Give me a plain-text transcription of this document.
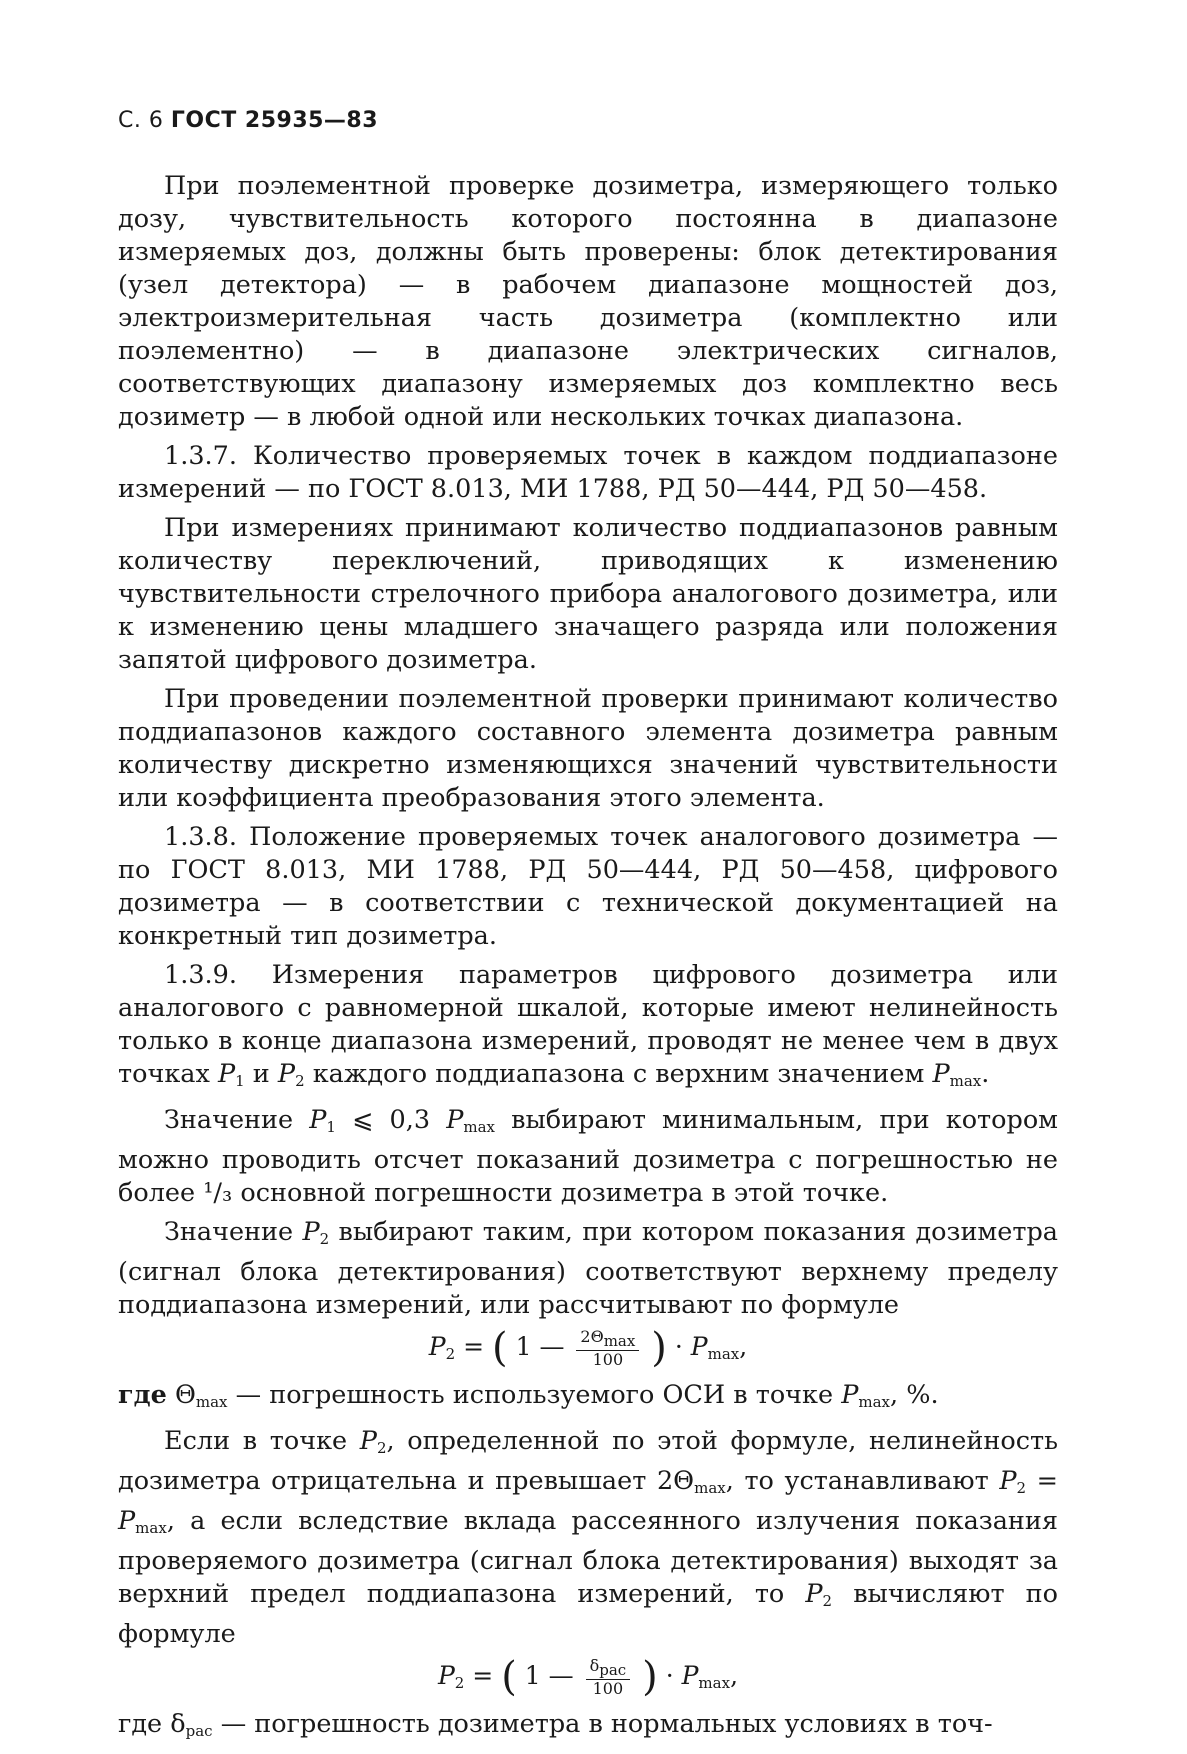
С. 6 ГОСТ 25935—83

При поэлементной проверке дозиметра, измеряющего только дозу, чувствительность которого постоянна в диапазоне измеряемых доз, должны быть проверены: блок детектирования (узел детектора) — в рабочем диапазоне мощностей доз, электроизмерительная часть дозиметра (комплектно или поэлементно) — в диапазоне электрических сигналов, соответствующих диапазону измеряемых доз комплектно весь дозиметр — в любой одной или нескольких точках диапазона.

1.3.7. Количество проверяемых точек в каждом поддиапазоне измерений — по ГОСТ 8.013, МИ 1788, РД 50—444, РД 50—458.

При измерениях принимают количество поддиапазонов равным количеству переключений, приводящих к изменению чувствительности стрелочного прибора аналогового дозиметра, или к изменению цены младшего значащего разряда или положения запятой цифрового дозиметра.

При проведении поэлементной проверки принимают количество поддиапазонов каждого составного элемента дозиметра равным количеству дискретно изменяющихся значений чувствительности или коэффициента преобразования этого элемента.

1.3.8. Положение проверяемых точек аналогового дозиметра — по ГОСТ 8.013, МИ 1788, РД 50—444, РД 50—458, цифрового дозиметра — в соответствии с технической документацией на конкретный тип дозиметра.

1.3.9. Измерения параметров цифрового дозиметра или аналогового с равномерной шкалой, которые имеют нелинейность только в конце диапазона измерений, проводят не менее чем в двух точках $P_1$ и $P_2$ каждого поддиапазона с верхним значением $P_{max}$.

Значение $P_1$ ⩽ 0,3 $P_{max}$ выбирают минимальным, при котором можно проводить отсчет показаний дозиметра с погрешностью не более ¹/₃ основной погрешности дозиметра в этой точке.

Значение $P_2$ выбирают таким, при котором показания дозиметра (сигнал блока детектирования) соответствуют верхнему пределу поддиапазона измерений, или рассчитывают по формуле

$P_2$ = ( 1 — $\frac{2\Theta_{max}}{100}$ ) · $P_{max}$,

где $\Theta_{max}$ — погрешность используемого ОСИ в точке $P_{max}$, %.

Если в точке $P_2$, определенной по этой формуле, нелинейность дозиметра отрицательна и превышает $2\Theta_{max}$, то устанавливают $P_2 = P_{max}$, а если вследствие вклада рассеянного излучения показания проверяемого дозиметра (сигнал блока детектирования) выходят за верхний предел поддиапазона измерений, то $P_2$ вычисляют по формуле

$P_2$ = ( 1 — $\frac{\delta_{рас}}{100}$ ) · $P_{max}$,

где $\delta_{рас}$ — погрешность дозиметра в нормальных условиях в точ-
